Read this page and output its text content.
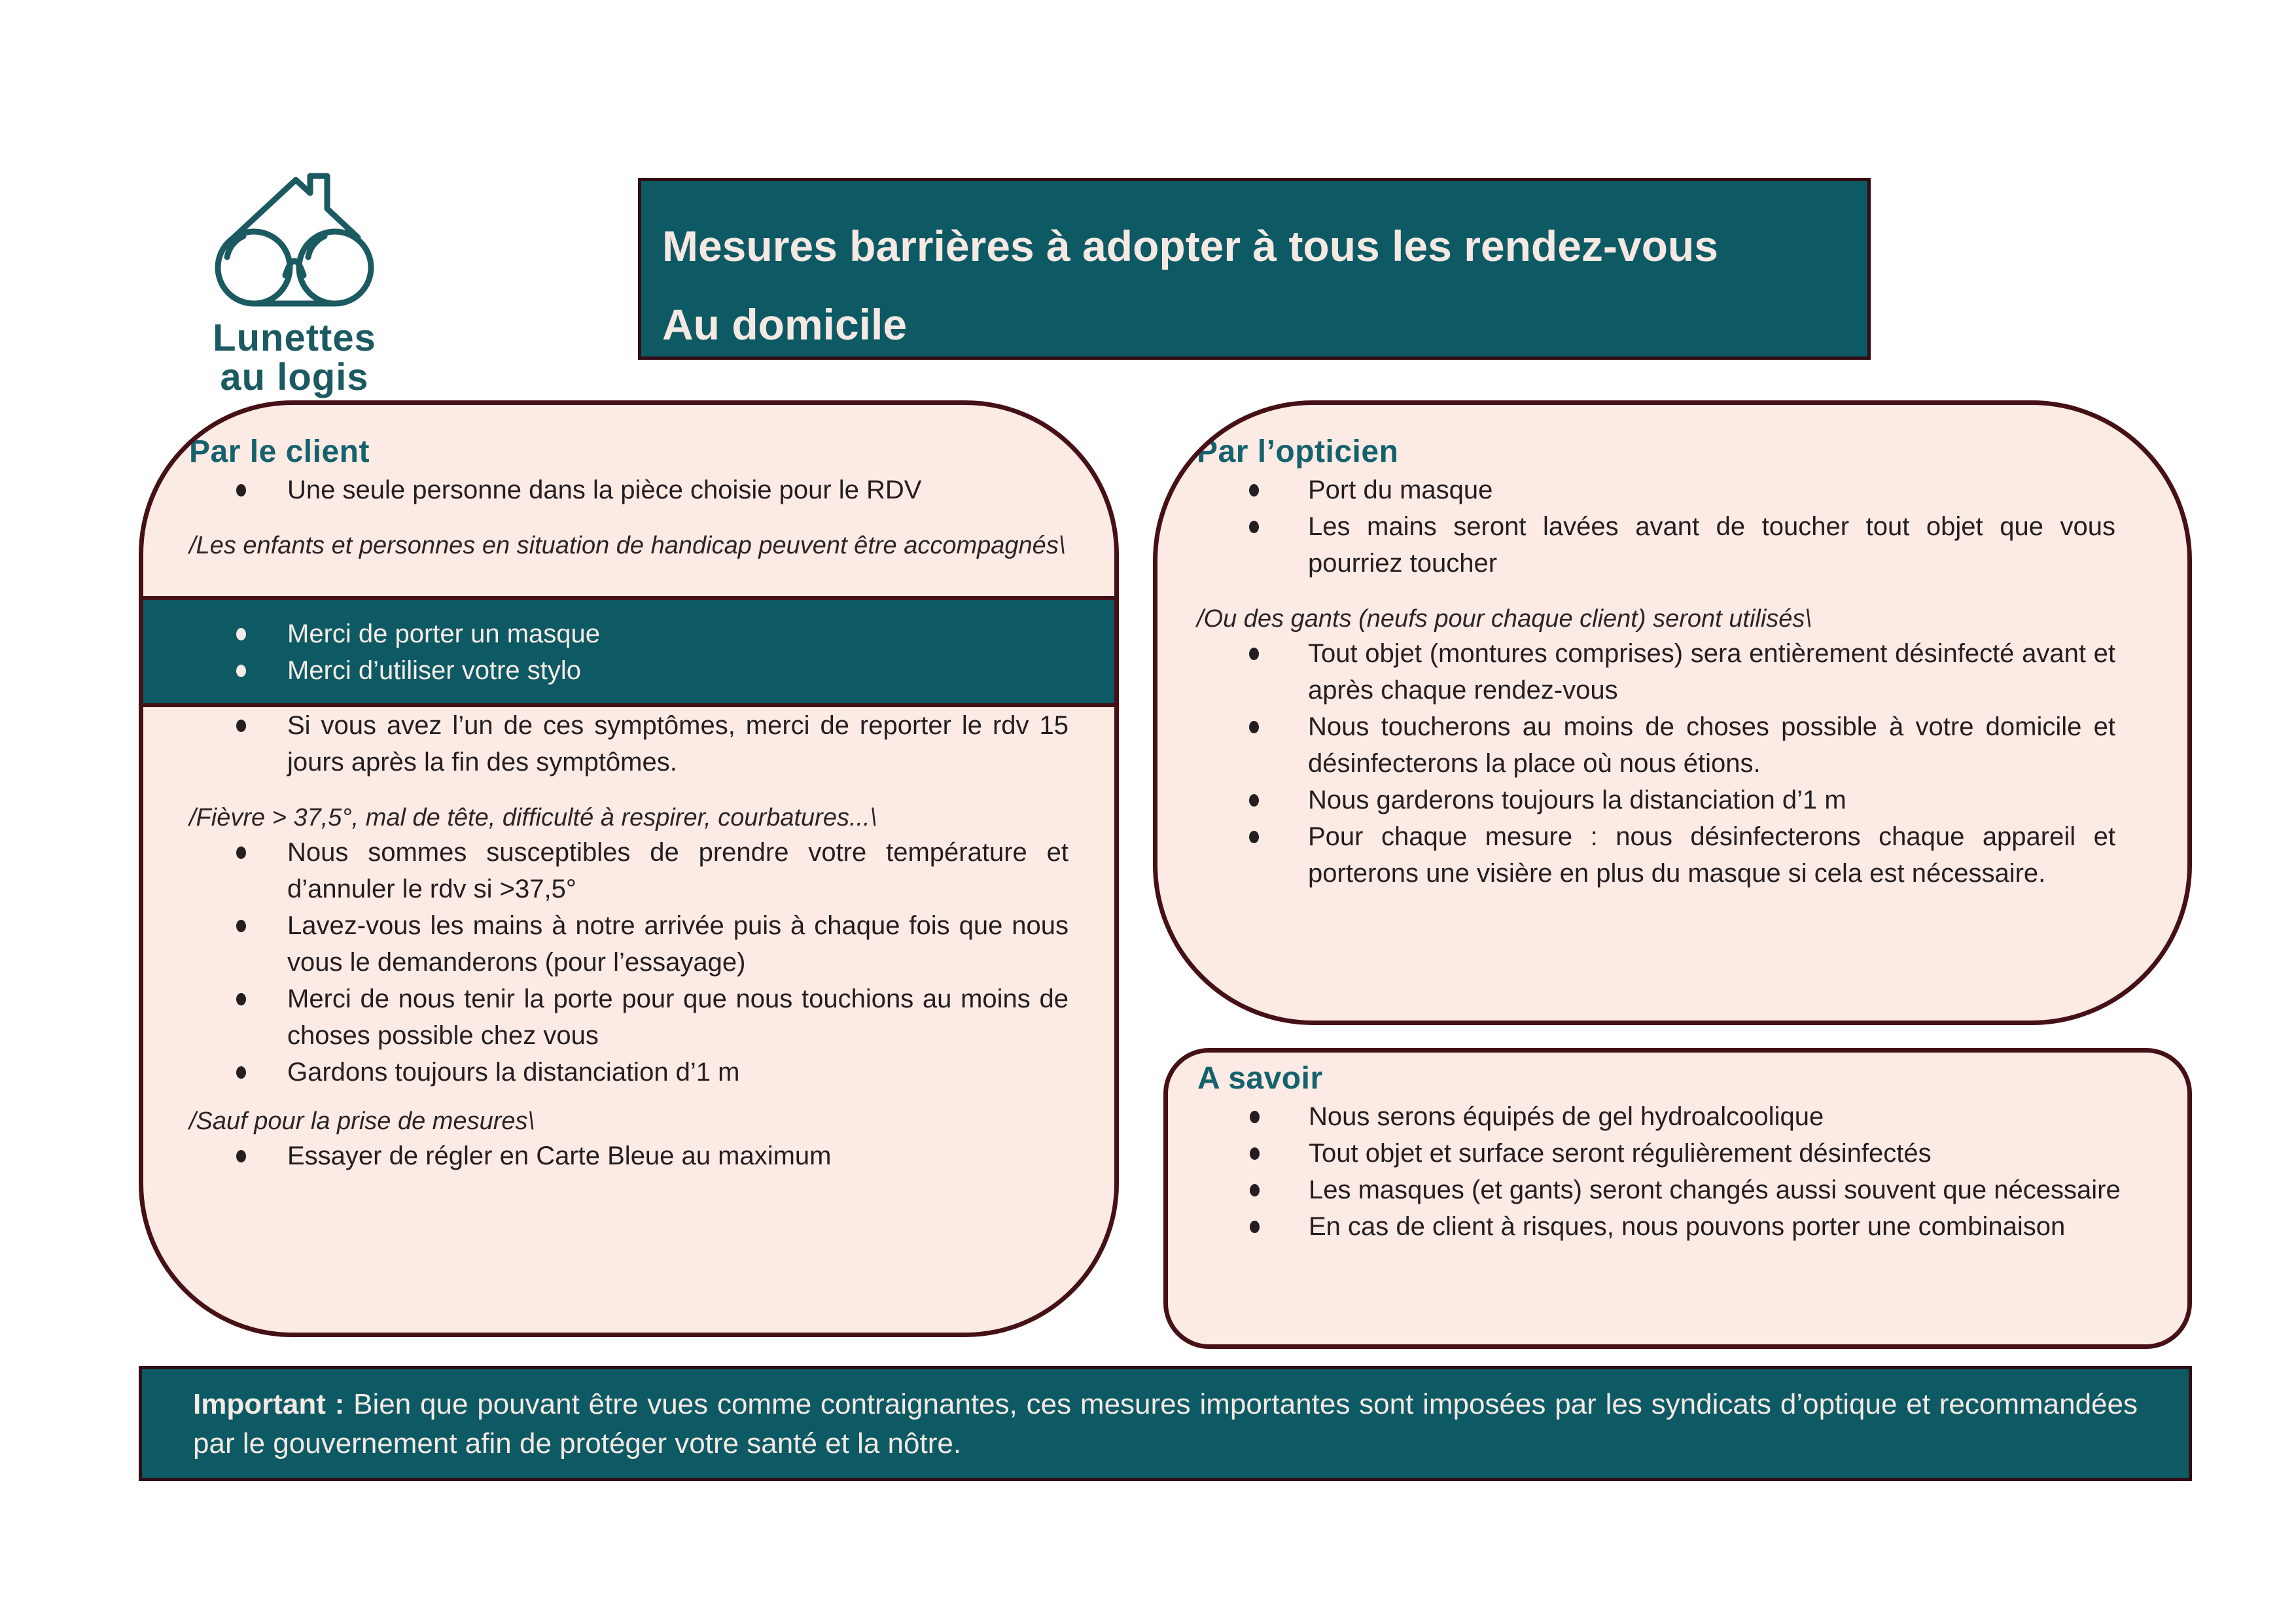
Lunettes
au logis
Mesures barrières à adopter à tous les rendez-vous
Au domicile
Par le client
Une seule personne dans la pièce choisie pour le RDV

/Les enfants et personnes en situation de handicap peuvent être accompagnés\

Merci de porter un masque
Merci d’utiliser votre stylo
Si vous avez l’un de ces symptômes, merci de reporter le rdv 15 jours après la fin des symptômes.

/Fièvre > 37,5°, mal de tête, difficulté à respirer, courbatures...\

Nous sommes susceptibles de prendre votre température et d’annuler le rdv si >37,5°
Lavez-vous les mains à notre arrivée puis à chaque fois que nous vous le demanderons (pour l’essayage)
Merci de nous tenir la porte pour que nous touchions au moins de choses possible chez vous
Gardons toujours la distanciation d’1 m

/Sauf pour la prise de mesures\

Essayer de régler en Carte Bleue au maximum
Par l’opticien
Port du masque
Les mains seront lavées avant de toucher tout objet que vous pourriez toucher

/Ou des gants (neufs pour chaque client) seront utilisés\

Tout objet (montures comprises) sera entièrement désinfecté avant et après chaque rendez-vous
Nous toucherons au moins de choses possible à votre domicile et désinfecterons la place où nous étions.
Nous garderons toujours la distanciation d’1 m
Pour chaque mesure : nous désinfecterons chaque appareil et porterons une visière en plus du masque si cela est nécessaire.
A savoir
Nous serons équipés de gel hydroalcoolique
Tout objet et surface seront régulièrement désinfectés
Les masques (et gants) seront changés aussi souvent que nécessaire
En cas de client à risques, nous pouvons porter une combinaison
Important : Bien que pouvant être vues comme contraignantes, ces mesures importantes sont imposées par les syndicats d’optique et recommandées par le gouvernement afin de protéger votre santé et la nôtre.
